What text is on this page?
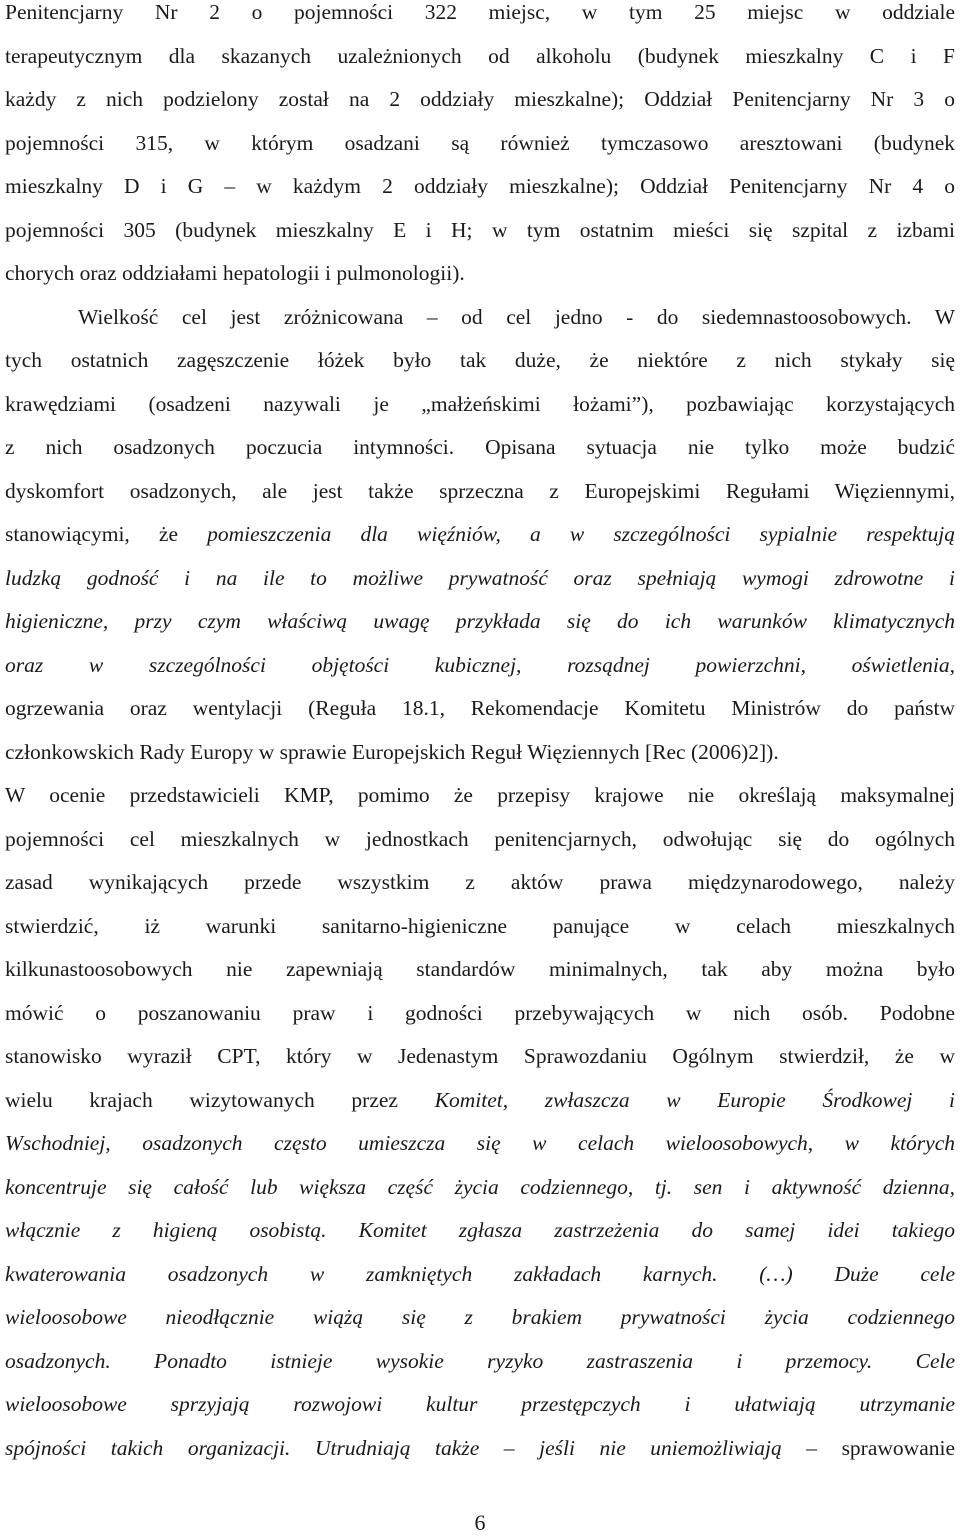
Penitencjarny Nr 2 o pojemności 322 miejsc, w tym 25 miejsc w oddziale
terapeutycznym dla skazanych uzależnionych od alkoholu (budynek mieszkalny C i F
każdy z nich podzielony został na 2 oddziały mieszkalne); Oddział Penitencjarny Nr 3 o
pojemności 315, w którym osadzani są również tymczasowo aresztowani (budynek
mieszkalny D i G – w każdym 2 oddziały mieszkalne); Oddział Penitencjarny Nr 4 o
pojemności 305 (budynek mieszkalny E i H; w tym ostatnim mieści się szpital z izbami
chorych oraz oddziałami hepatologii i pulmonologii).
Wielkość cel jest zróżnicowana – od cel jedno - do siedemnastoosobowych. W
tych ostatnich zagęszczenie łóżek było tak duże, że niektóre z nich stykały się
krawędziami (osadzeni nazywali je „małżeńskimi łożami”), pozbawiając korzystających
z nich osadzonych poczucia intymności. Opisana sytuacja nie tylko może budzić
dyskomfort osadzonych, ale jest także sprzeczna z Europejskimi Regułami Więziennymi,
stanowiącymi, że pomieszczenia dla więźniów, a w szczególności sypialnie respektują
ludzką godność i na ile to możliwe prywatność oraz spełniają wymogi zdrowotne i
higieniczne, przy czym właściwą uwagę przykłada się do ich warunków klimatycznych
oraz w szczególności objętości kubicznej, rozsądnej powierzchni, oświetlenia,
ogrzewania oraz wentylacji (Reguła 18.1, Rekomendacje Komitetu Ministrów do państw
członkowskich Rady Europy w sprawie Europejskich Reguł Więziennych [Rec (2006)2]).
W ocenie przedstawicieli KMP, pomimo że przepisy krajowe nie określają maksymalnej
pojemności cel mieszkalnych w jednostkach penitencjarnych, odwołując się do ogólnych
zasad wynikających przede wszystkim z aktów prawa międzynarodowego, należy
stwierdzić, iż warunki sanitarno-higieniczne panujące w celach mieszkalnych
kilkunastoosobowych nie zapewniają standardów minimalnych, tak aby można było
mówić o poszanowaniu praw i godności przebywających w nich osób. Podobne
stanowisko wyraził CPT, który w Jedenastym Sprawozdaniu Ogólnym stwierdził, że w
wielu krajach wizytowanych przez Komitet, zwłaszcza w Europie Środkowej i
Wschodniej, osadzonych często umieszcza się w celach wieloosobowych, w których
koncentruje się całość lub większa część życia codziennego, tj. sen i aktywność dzienna,
włącznie z higieną osobistą. Komitet zgłasza zastrzeżenia do samej idei takiego
kwaterowania osadzonych w zamkniętych zakładach karnych. (…) Duże cele
wieloosobowe nieodłącznie wiążą się z brakiem prywatności życia codziennego
osadzonych. Ponadto istnieje wysokie ryzyko zastraszenia i przemocy. Cele
wieloosobowe sprzyjają rozwojowi kultur przestępczych i ułatwiają utrzymanie
spójności takich organizacji. Utrudniają także – jeśli nie uniemożliwiają – sprawowanie
6
